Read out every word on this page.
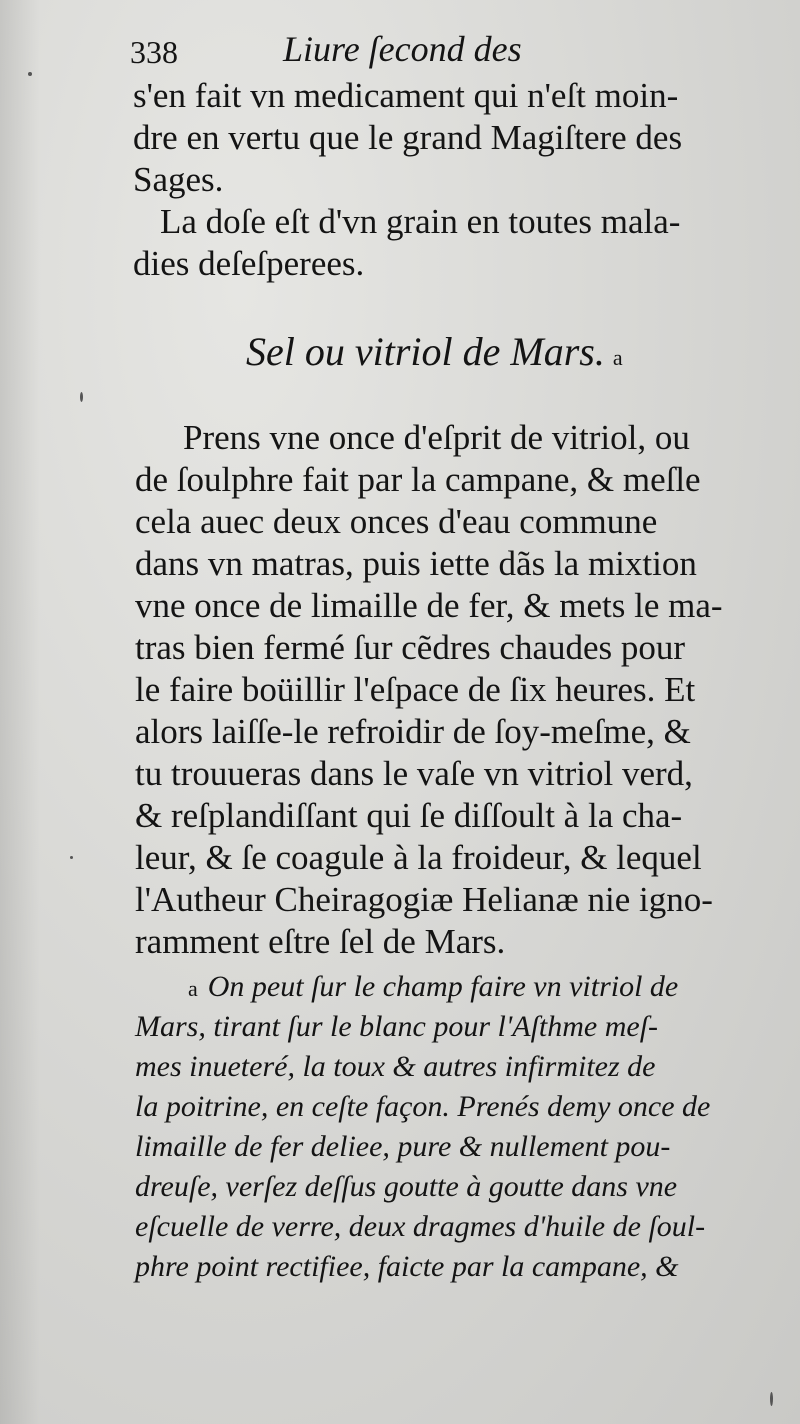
338	Liure ſecond des
s'en fait vn medicament qui n'eſt moin-
dre en vertu que le grand Magiſtere des
Sages.
La doſe eſt d'vn grain en toutes mala-
dies deſeſperees.
Sel ou vitriol de Mars. a
Prens vne once d'eſprit de vitriol, ou
de ſoulphre fait par la campane, & meſle
cela auec deux onces d'eau commune
dans vn matras, puis iette dãs la mixtion
vne once de limaille de fer, & mets le ma-
tras bien fermé ſur cẽdres chaudes pour
le faire boüillir l'eſpace de ſix heures. Et
alors laiſſe-le refroidir de ſoy-meſme, &
tu trouueras dans le vaſe vn vitriol verd,
& reſplandiſſant qui ſe diſſoult à la cha-
leur, & ſe coagule à la froideur, & lequel
l'Autheur Cheiragogiæ Helianæ nie igno-
ramment eſtre ſel de Mars.
a On peut ſur le champ faire vn vitriol de
Mars, tirant ſur le blanc pour l'Aſthme meſ-
mes inueteré, la toux & autres infirmitez de
la poitrine, en ceſte façon. Prenés demy once de
limaille de fer deliee, pure & nullement pou-
dreuſe, verſez deſſus goutte à goutte dans vne
eſcuelle de verre, deux dragmes d'huile de ſoul-
phre point rectifiee, faicte par la campane, &
